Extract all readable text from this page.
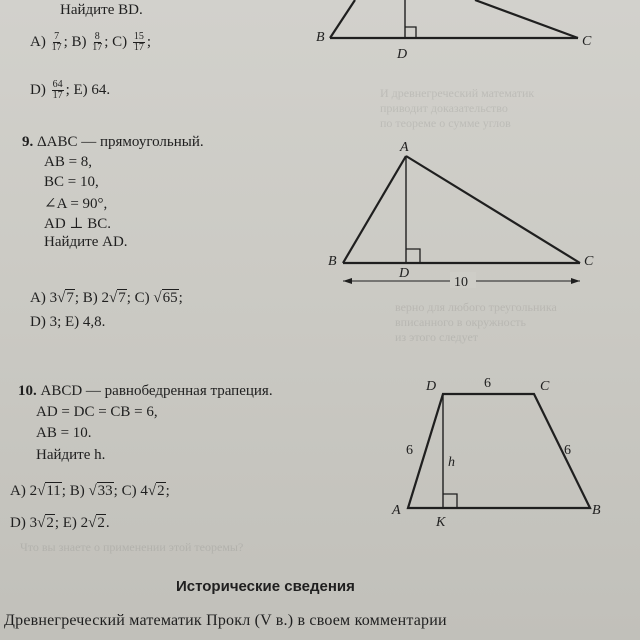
И древнегреческий математик
приводит доказательство
по теореме о сумме углов
верно для любого треугольника
вписанного в окружность
из этого следует
Что вы знаете о применении этой теоремы?
Найдите BD.
$A) \frac{7}{17}$ ; $B) \frac{8}{17}$ ; $C) \frac{15}{17}$ ;
$D) \frac{64}{17}$ ; E) 64.
B
D
C
9. ΔABC — прямоугольный.
AB = 8,
BC = 10,
∠A = 90°,
AD ⊥ BC.
Найдите AD.
A) 3√7; B) 2√7; C) √65;
D) 3; E) 4,8.
10
A
B	C
D
10. ABCD — равнобедренная трапеция.
AD = DC = CB = 6,
AB = 10.
Найдите h.
A) 2√11; B) √33; C) 4√2;
D) 3√2; E) 2√2.
D	C
A	B
K
h
6
6	6
Исторические сведения
Древнегреческий математик Прокл (V в.) в своем комментарии
